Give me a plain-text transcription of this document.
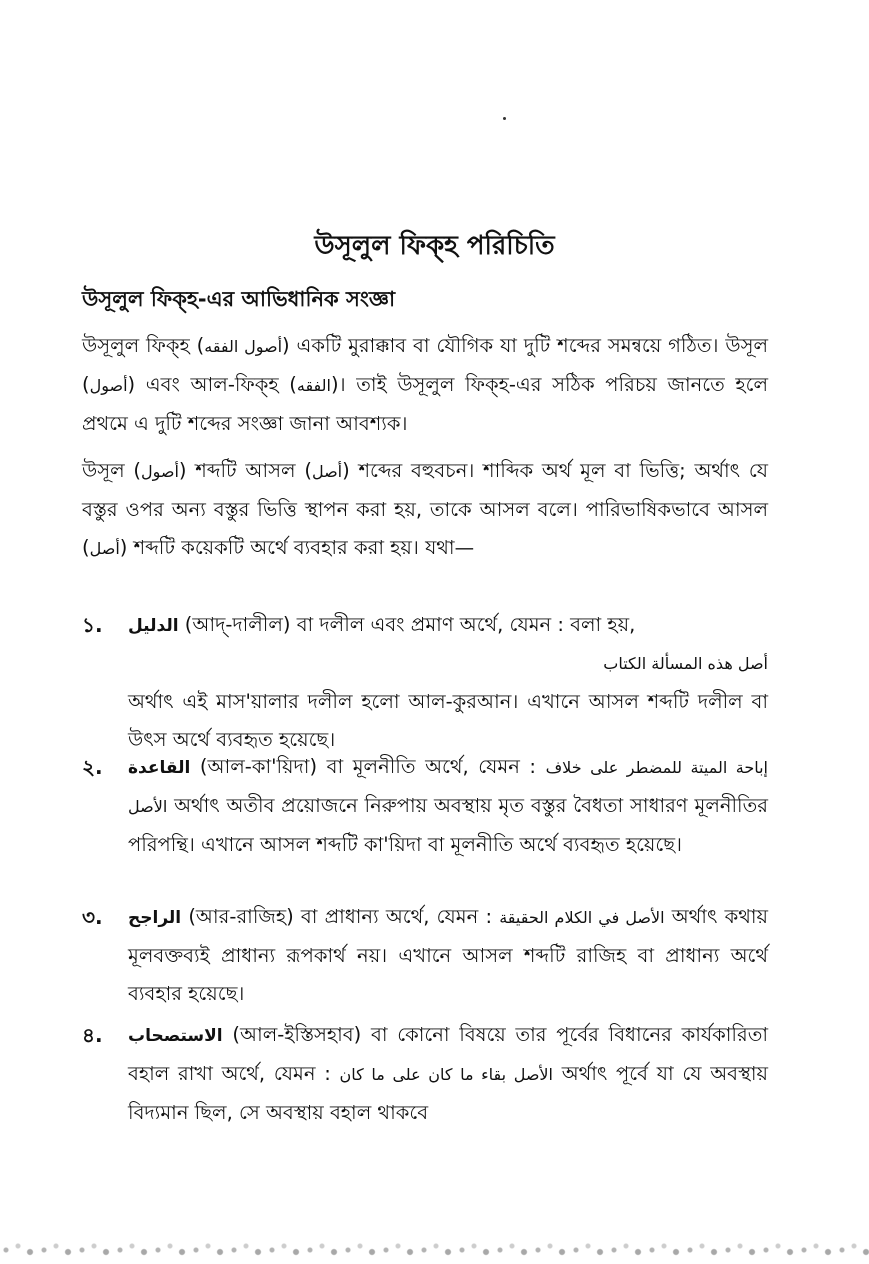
উসূলুল ফিক্‌হ পরিচিতি
উসূলুল ফিক্‌হ-এর আভিধানিক সংজ্ঞা

উসূলুল ফিক্‌হ (أصول الفقه) একটি মুরাক্কাব বা যৌগিক যা দুটি শব্দের সমন্বয়ে গঠিত। উসূল (أصول) এবং আল-ফিক্‌হ (الفقه)। তাই উসূলুল ফিক্‌হ-এর সঠিক পরিচয় জানতে হলে প্রথমে এ দুটি শব্দের সংজ্ঞা জানা আবশ্যক।

উসূল (أصول) শব্দটি আসল (أصل) শব্দের বহুবচন। শাব্দিক অর্থ মূল বা ভিত্তি; অর্থাৎ যে বস্তুর ওপর অন্য বস্তুর ভিত্তি স্থাপন করা হয়, তাকে আসল বলে। পারিভাষিকভাবে আসল (أصل) শব্দটি কয়েকটি অর্থে ব্যবহার করা হয়। যথা—

১.	الدليل (আদ্-দালীল) বা দলীল এবং প্রমাণ অর্থে, যেমন : বলা হয়,
أصل هذه المسألة الكتاب
অর্থাৎ এই মাস'য়ালার দলীল হলো আল-কুরআন। এখানে আসল শব্দটি দলীল বা উৎস অর্থে ব্যবহৃত হয়েছে।
২.	القاعدة (আল-কা'য়িদা) বা মূলনীতি অর্থে, যেমন : إباحة الميتة للمضطر على خلاف الأصل অর্থাৎ অতীব প্রয়োজনে নিরুপায় অবস্থায় মৃত বস্তুর বৈধতা সাধারণ মূলনীতির পরিপন্থি। এখানে আসল শব্দটি কা'য়িদা বা মূলনীতি অর্থে ব্যবহৃত হয়েছে।
৩.	الراجح (আর-রাজিহ) বা প্রাধান্য অর্থে, যেমন : الأصل في الكلام الحقيقة অর্থাৎ কথায় মূলবক্তব্যই প্রাধান্য রূপকার্থ নয়। এখানে আসল শব্দটি রাজিহ বা প্রাধান্য অর্থে ব্যবহার হয়েছে।
৪.	الاستصحاب (আল-ইস্তিসহাব) বা কোনো বিষয়ে তার পূর্বের বিধানের কার্যকারিতা বহাল রাখা অর্থে, যেমন : الأصل بقاء ما كان على ما كان অর্থাৎ পূর্বে যা যে অবস্থায় বিদ্যমান ছিল, সে অবস্থায় বহাল থাকবে
